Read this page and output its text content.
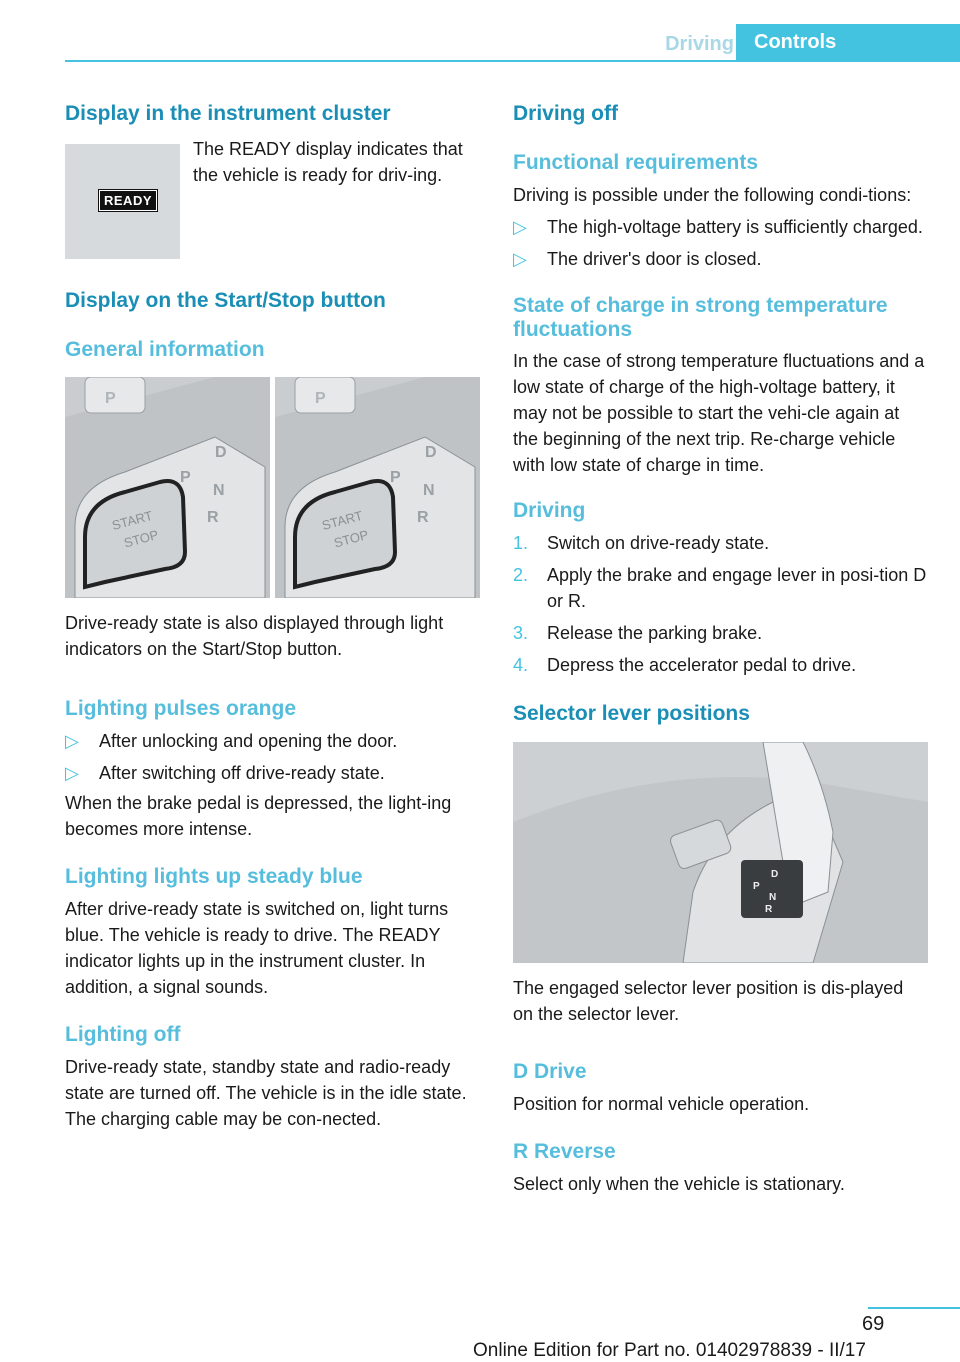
Driving	Controls
Display in the instrument cluster
READY
The READY display indicates that the vehicle is ready for driv-ing.
Display on the Start/Stop button
General information
START
STOP
D
P
N
R
P
START
STOP
D
P
N
R
P
Drive-ready state is also displayed through light indicators on the Start/Stop button.
Lighting pulses orange
▷	After unlocking and opening the door.
▷	After switching off drive-ready state.
When the brake pedal is depressed, the light-ing becomes more intense.
Lighting lights up steady blue
After drive-ready state is switched on, light turns blue. The vehicle is ready to drive. The READY indicator lights up in the instrument cluster. In addition, a signal sounds.
Lighting off
Drive-ready state, standby state and radio-ready state are turned off. The vehicle is in the idle state. The charging cable may be con-nected.
Driving off
Functional requirements
Driving is possible under the following condi-tions:
▷	The high-voltage battery is sufficiently charged.
▷	The driver's door is closed.
State of charge in strong temperature fluctuations
In the case of strong temperature fluctuations and a low state of charge of the high-voltage battery, it may not be possible to start the vehi-cle again at the beginning of the next trip. Re-charge vehicle with low state of charge in time.
Driving
1.	Switch on drive-ready state.
2.	Apply the brake and engage lever in posi-tion D or R.
3.	Release the parking brake.
4.	Depress the accelerator pedal to drive.
Selector lever positions
D
P
N
R
The engaged selector lever position is dis-played on the selector lever.
D Drive
Position for normal vehicle operation.
R Reverse
Select only when the vehicle is stationary.
69
Online Edition for Part no. 01402978839 - II/17
